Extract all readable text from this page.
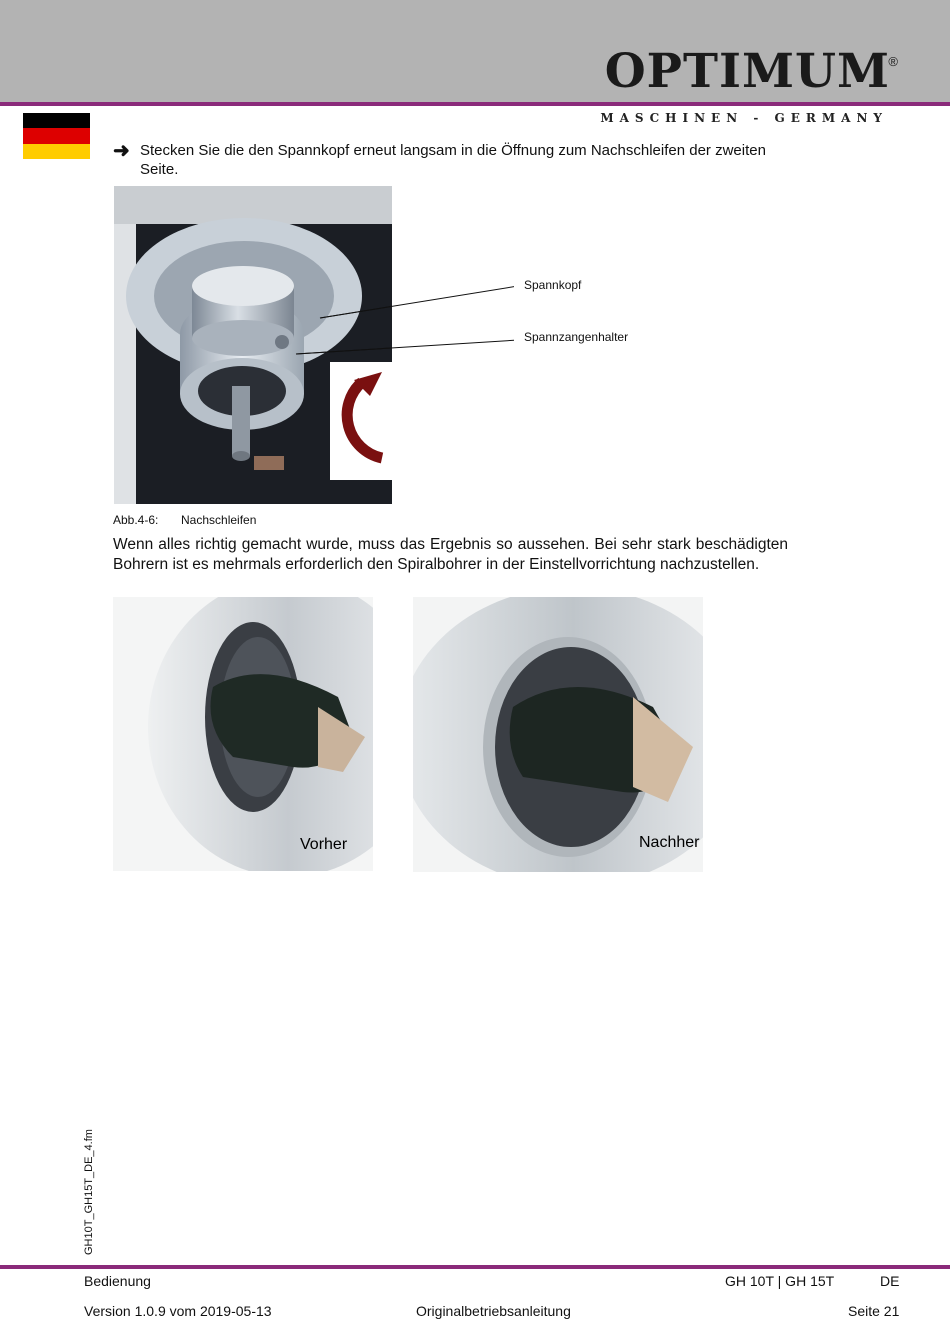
OPTIMUM
®
MASCHINEN - GERMANY
➜ Stecken Sie die den Spannkopf erneut langsam in die Öffnung zum Nachschleifen der zweiten Seite.
Spannkopf
Spannzangenhalter
Abb.4-6: Nachschleifen
Wenn alles richtig gemacht wurde, muss das Ergebnis so aussehen. Bei sehr stark beschädigten Bohrern ist es mehrmals erforderlich den Spiralbohrer in der Einstellvorrichtung nachzustellen.
Vorher	Nachher
GH10T_GH15T_DE_4.fm
Bedienung	GH 10T | GH 15T	DE
Version 1.0.9 vom 2019-05-13	Originalbetriebsanleitung	Seite 21
